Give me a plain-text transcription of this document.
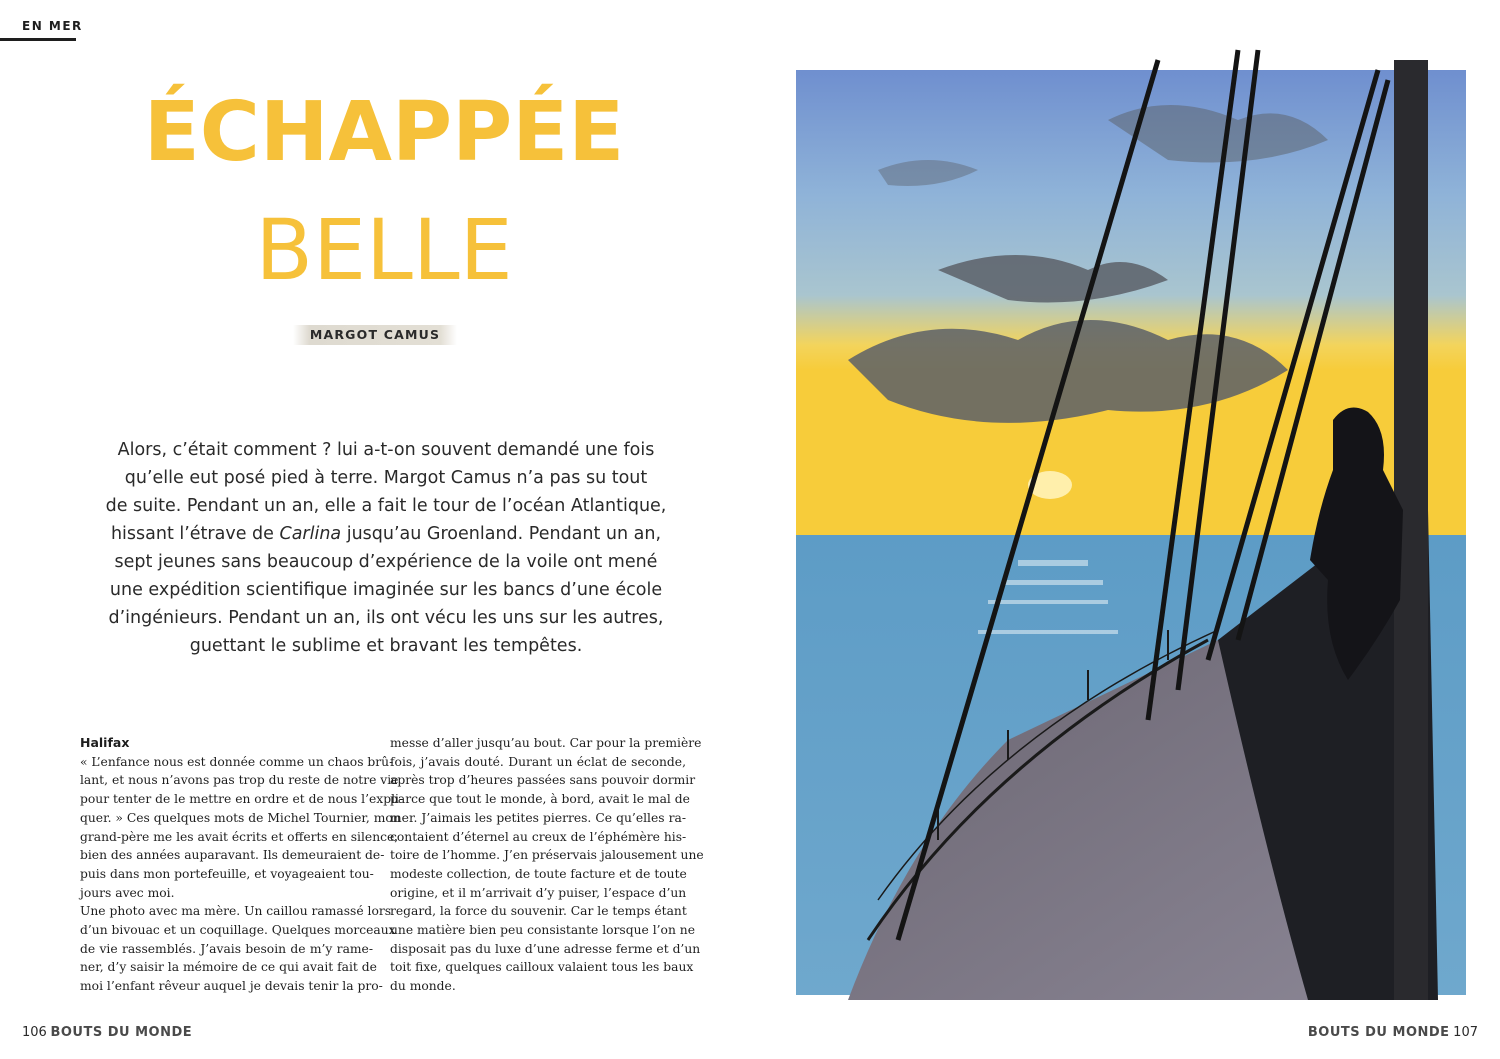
EN MER
ÉCHAPPÉE
BELLE
MARGOT CAMUS
Alors, c’était comment ? lui a-t-on souvent demandé une fois
qu’elle eut posé pied à terre. Margot Camus n’a pas su tout
de suite. Pendant un an, elle a fait le tour de l’océan Atlantique,
hissant l’étrave de Carlina jusqu’au Groenland. Pendant un an,
sept jeunes sans beaucoup d’expérience de la voile ont mené
une expédition scientifique imaginée sur les bancs d’une école
d’ingénieurs. Pendant un an, ils ont vécu les uns sur les autres,
guettant le sublime et bravant les tempêtes.
Halifax
« L’enfance nous est donnée comme un chaos brû-
lant, et nous n’avons pas trop du reste de notre vie
pour tenter de le mettre en ordre et de nous l’expli-
quer. » Ces quelques mots de Michel Tournier, mon
grand-père me les avait écrits et offerts en silence,
bien des années auparavant. Ils demeuraient de-
puis dans mon portefeuille, et voyageaient tou-
jours avec moi.
Une photo avec ma mère. Un caillou ramassé lors
d’un bivouac et un coquillage. Quelques morceaux
de vie rassemblés. J’avais besoin de m’y rame-
ner, d’y saisir la mémoire de ce qui avait fait de
moi l’enfant rêveur auquel je devais tenir la pro-
messe d’aller jusqu’au bout. Car pour la première
fois, j’avais douté. Durant un éclat de seconde,
après trop d’heures passées sans pouvoir dormir
parce que tout le monde, à bord, avait le mal de
mer. J’aimais les petites pierres. Ce qu’elles ra-
contaient d’éternel au creux de l’éphémère his-
toire de l’homme. J’en préservais jalousement une
modeste collection, de toute facture et de toute
origine, et il m’arrivait d’y puiser, l’espace d’un
regard, la force du souvenir. Car le temps étant
une matière bien peu consistante lorsque l’on ne
disposait pas du luxe d’une adresse ferme et d’un
toit fixe, quelques cailloux valaient tous les baux
du monde.
106 BOUTS DU MONDE	BOUTS DU MONDE 107
